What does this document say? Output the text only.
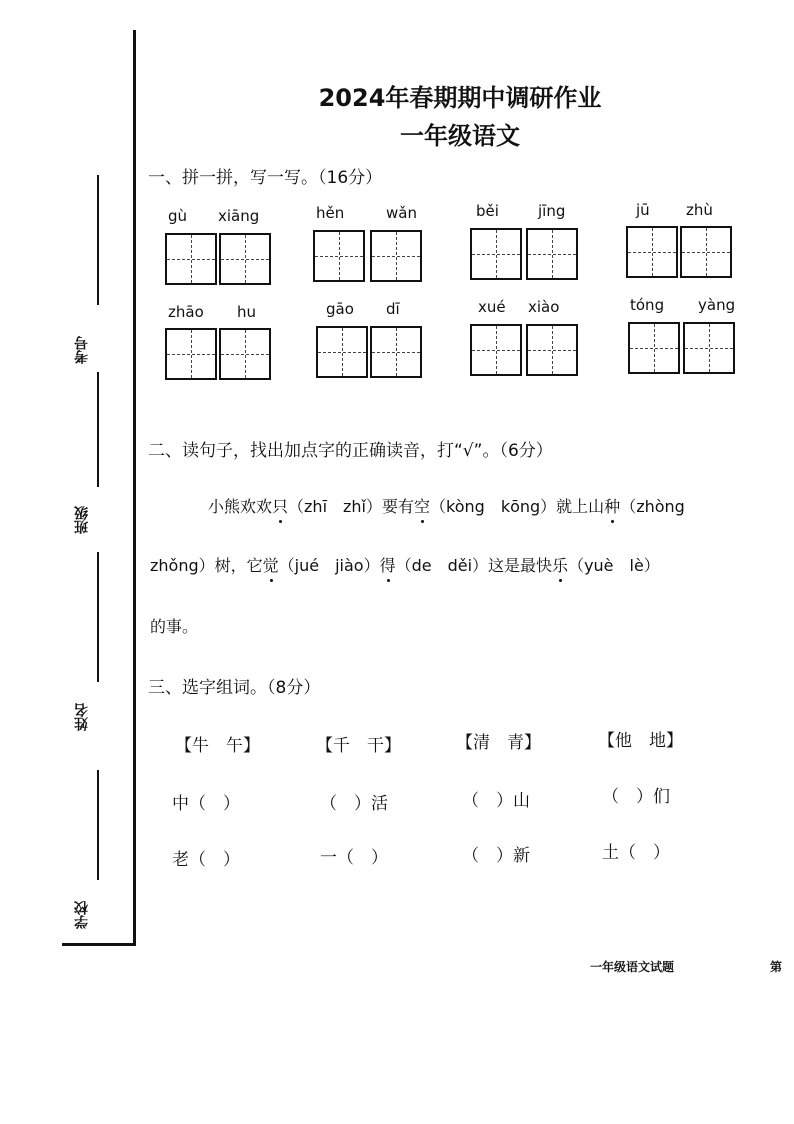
考号
班级
姓名
学校
2024年春期期中调研作业
一年级语文
一、拼一拼，写一写。（16分）
gù xiāng	hěn	wǎn	běi	jīng	jū zhù
zhāo hu	gāo dī	xué xiào	tóng yàng
二、读句子，找出加点字的正确读音，打“√”。（6分）
小熊欢欢只（zhī　zhǐ）要有空（kòng　kōng）就上山种（zhòng
zhǒng）树，它觉（jué　jiào）得（de　děi）这是最快乐（yuè　lè）
的事。
三、选字组词。（8分）
【牛　午】	【千　干】	【清　青】	【他　地】
中（　）	（　）活	（　）山	（　）们
老（　）	一（　）	（　）新	土（　）
一年级语文试题	第
